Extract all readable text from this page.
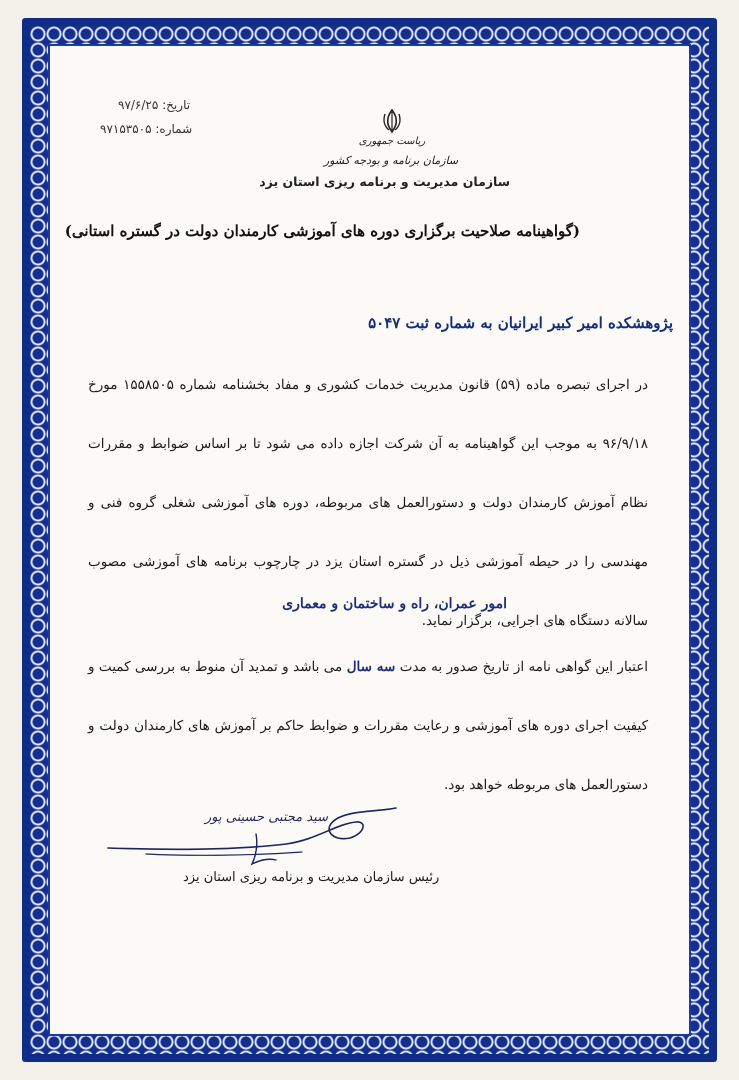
تاریخ: ۹۷/۶/۲۵
شماره: ۹۷۱۵۳۵۰۵
ریاست جمهوری
سازمان برنامه و بودجه کشور
سازمان مدیریت و برنامه ریزی استان یزد
(گواهینامه صلاحیت برگزاری دوره های آموزشی کارمندان دولت در گستره استانی)
پژوهشکده امیر کبیر ایرانیان به شماره ثبت ۵۰۴۷
در اجرای تبصره ماده (۵۹) قانون مدیریت خدمات کشوری و مفاد بخشنامه شماره ۱۵۵۸۵۰۵ مورخ ۹۶/۹/۱۸ به موجب این گواهینامه به آن شرکت اجازه داده می شود تا بر اساس ضوابط و مقررات نظام آموزش کارمندان دولت و دستورالعمل های مربوطه، دوره های آموزشی شغلی گروه فنی و مهندسی را در حیطه آموزشی ذیل در گستره استان یزد در چارچوب برنامه های آموزشی مصوب سالانه دستگاه های اجرایی، برگزار نماید.
امور عمران، راه و ساختمان و معماری
اعتبار این گواهی نامه از تاریخ صدور به مدت سه سال می باشد و تمدید آن منوط به بررسی کمیت و کیفیت اجرای دوره های آموزشی و رعایت مقررات و ضوابط حاکم بر آموزش های کارمندان دولت و دستورالعمل های مربوطه خواهد بود.
سید مجتبی حسینی پور
رئیس سازمان مدیریت و برنامه ریزی استان یزد
